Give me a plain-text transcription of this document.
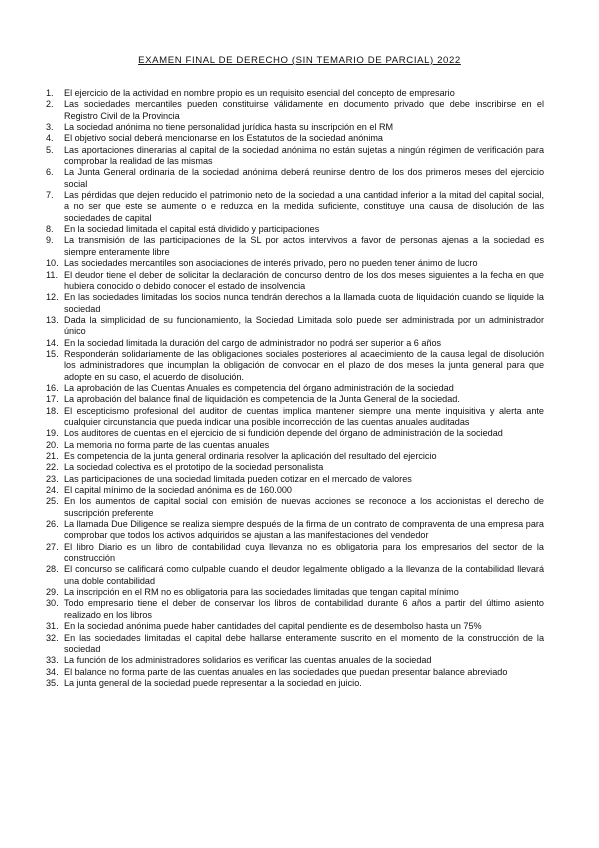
EXAMEN FINAL DE DERECHO (SIN TEMARIO DE PARCIAL) 2022
1.	El ejercicio de la actividad en nombre propio es un requisito esencial del concepto de empresario
2.	Las sociedades mercantiles pueden constituirse válidamente en documento privado que debe inscribirse en el Registro Civil de la Provincia
3.	La sociedad anónima no tiene personalidad jurídica hasta su inscripción en el RM
4.	El objetivo social deberá mencionarse en los Estatutos de la sociedad anónima
5.	Las aportaciones dinerarias al capital de la sociedad anónima no están sujetas a ningún régimen de verificación para comprobar la realidad de las mismas
6.	La Junta General ordinaria de la sociedad anónima deberá reunirse dentro de los dos primeros meses del ejercicio social
7.	Las pérdidas que dejen reducido el patrimonio neto de la sociedad a una cantidad inferior a la mitad del capital social, a no ser que este se aumente o e reduzca en la medida suficiente, constituye una causa de disolución de las sociedades de capital
8.	En la sociedad limitada el capital está dividido y participaciones
9.	La transmisión de las participaciones de la SL por actos intervivos a favor de personas ajenas a la sociedad es siempre enteramente libre
10. Las sociedades mercantiles son asociaciones de interés privado, pero no pueden tener ánimo de lucro
11. El deudor tiene el deber de solicitar la declaración de concurso dentro de los dos meses siguientes a la fecha en que hubiera conocido o debido conocer el estado de insolvencia
12. En las sociedades limitadas los socios nunca tendrán derechos a la llamada cuota de liquidación cuando se liquide la sociedad
13. Dada la simplicidad de su funcionamiento, la Sociedad Limitada solo puede ser administrada por un administrador único
14. En la sociedad limitada la duración del cargo de administrador no podrá ser superior a 6 años
15. Responderán solidariamente de las obligaciones sociales posteriores al acaecimiento de la causa legal de disolución los administradores que incumplan la obligación de convocar en el plazo de dos meses la junta general para que adopte en su caso, el acuerdo de disolución.
16. La aprobación de las Cuentas Anuales es competencia del órgano administración de la sociedad
17. La aprobación del balance final de liquidación es competencia de la Junta General de la sociedad.
18. El escepticismo profesional del auditor de cuentas implica mantener siempre una mente inquisitiva y alerta ante cualquier circunstancia que pueda indicar una posible incorrección de las cuentas anuales auditadas
19. Los auditores de cuentas en el ejercicio de si fundición depende del órgano de administración de la sociedad
20. La memoria no forma parte de las cuentas anuales
21. Es competencia de la junta general ordinaria resolver la aplicación del resultado del ejercicio
22. La sociedad colectiva es el prototipo de la sociedad personalista
23. Las participaciones de una sociedad limitada pueden cotizar en el mercado de valores
24. El capital mínimo de la sociedad anónima es de 160.000
25. En los aumentos de capital social con emisión de nuevas acciones se reconoce a los accionistas el derecho de suscripción preferente
26. La llamada Due Diligence se realiza siempre después de la firma de un contrato de compraventa de una empresa para comprobar que todos los activos adquiridos se ajustan a las manifestaciones del vendedor
27. El libro Diario es un libro de contabilidad cuya llevanza no es obligatoria para los empresarios del sector de la construcción
28. El concurso se calificará como culpable cuando el deudor legalmente obligado a la llevanza de la contabilidad llevará una doble contabilidad
29. La inscripción en el RM no es obligatoria para las sociedades limitadas que tengan capital mínimo
30. Todo empresario tiene el deber de conservar los libros de contabilidad durante 6 años a partir del último asiento realizado en los libros
31. En la sociedad anónima puede haber cantidades del capital pendiente es de desembolso hasta un 75%
32. En las sociedades limitadas el capital debe hallarse enteramente suscrito en el momento de la construcción de la sociedad
33. La función de los administradores solidarios es verificar las cuentas anuales de la sociedad
34. El balance no forma parte de las cuentas anuales en las sociedades que puedan presentar balance abreviado
35. La junta general de la sociedad puede representar a la sociedad en juicio.
